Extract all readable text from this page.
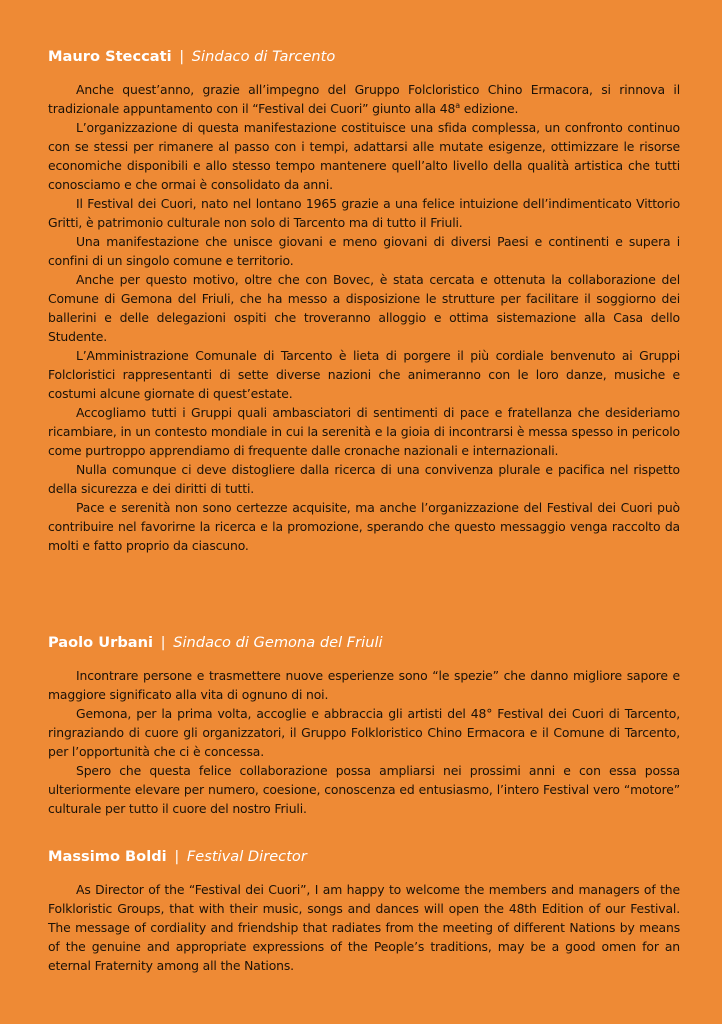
Mauro Steccati | Sindaco di Tarcento

Anche quest’anno, grazie all’impegno del Gruppo Folcloristico Chino Ermacora, si rinnova il tradizionale appuntamento con il “Festival dei Cuori” giunto alla 48$^a$ edizione.

L’organizzazione di questa manifestazione costituisce una sfida complessa, un confronto continuo con se stessi per rimanere al passo con i tempi, adattarsi alle mutate esigenze, ottimizzare le risorse economiche disponibili e allo stesso tempo mantenere quell’alto livello della qualità artistica che tutti conosciamo e che ormai è consolidato da anni.

Il Festival dei Cuori, nato nel lontano 1965 grazie a una felice intuizione dell’indimenticato Vittorio Gritti, è patrimonio culturale non solo di Tarcento ma di tutto il Friuli.

Una manifestazione che unisce giovani e meno giovani di diversi Paesi e continenti e supera i confini di un singolo comune e territorio.

Anche per questo motivo, oltre che con Bovec, è stata cercata e ottenuta la collaborazione del Comune di Gemona del Friuli, che ha messo a disposizione le strutture per facilitare il soggiorno dei ballerini e delle delegazioni ospiti che troveranno alloggio e ottima sistemazione alla Casa dello Studente.

L’Amministrazione Comunale di Tarcento è lieta di porgere il più cordiale benvenuto ai Gruppi Folcloristici rappresentanti di sette diverse nazioni che animeranno con le loro danze, musiche e costumi alcune giornate di quest’estate.

Accogliamo tutti i Gruppi quali ambasciatori di sentimenti di pace e fratellanza che desideriamo ricambiare, in un contesto mondiale in cui la serenità e la gioia di incontrarsi è messa spesso in pericolo come purtroppo apprendiamo di frequente dalle cronache nazionali e internazionali.

Nulla comunque ci deve distogliere dalla ricerca di una convivenza plurale e pacifica nel rispetto della sicurezza e dei diritti di tutti.

Pace e serenità non sono certezze acquisite, ma anche l’organizzazione del Festival dei Cuori può contribuire nel favorirne la ricerca e la promozione, sperando che questo messaggio venga raccolto da molti e fatto proprio da ciascuno.

Paolo Urbani | Sindaco di Gemona del Friuli

Incontrare persone e trasmettere nuove esperienze sono “le spezie” che danno migliore sapore e maggiore significato alla vita di ognuno di noi.

Gemona, per la prima volta, accoglie e abbraccia gli artisti del 48° Festival dei Cuori di Tarcento, ringraziando di cuore gli organizzatori, il Gruppo Folkloristico Chino Ermacora e il Comune di Tarcento, per l’opportunità che ci è concessa.

Spero che questa felice collaborazione possa ampliarsi nei prossimi anni e con essa possa ulteriormente elevare per numero, coesione, conoscenza ed entusiasmo, l’intero Festival vero “motore” culturale per tutto il cuore del nostro Friuli.

Massimo Boldi | Festival Director

As Director of the “Festival dei Cuori”, I am happy to welcome the members and managers of the Folkloristic Groups, that with their music, songs and dances will open the 48th Edition of our Festival. The message of cordiality and friendship that radiates from the meeting of different Nations by means of the genuine and appropriate expressions of the People’s traditions, may be a good omen for an eternal Fraternity among all the Nations.
